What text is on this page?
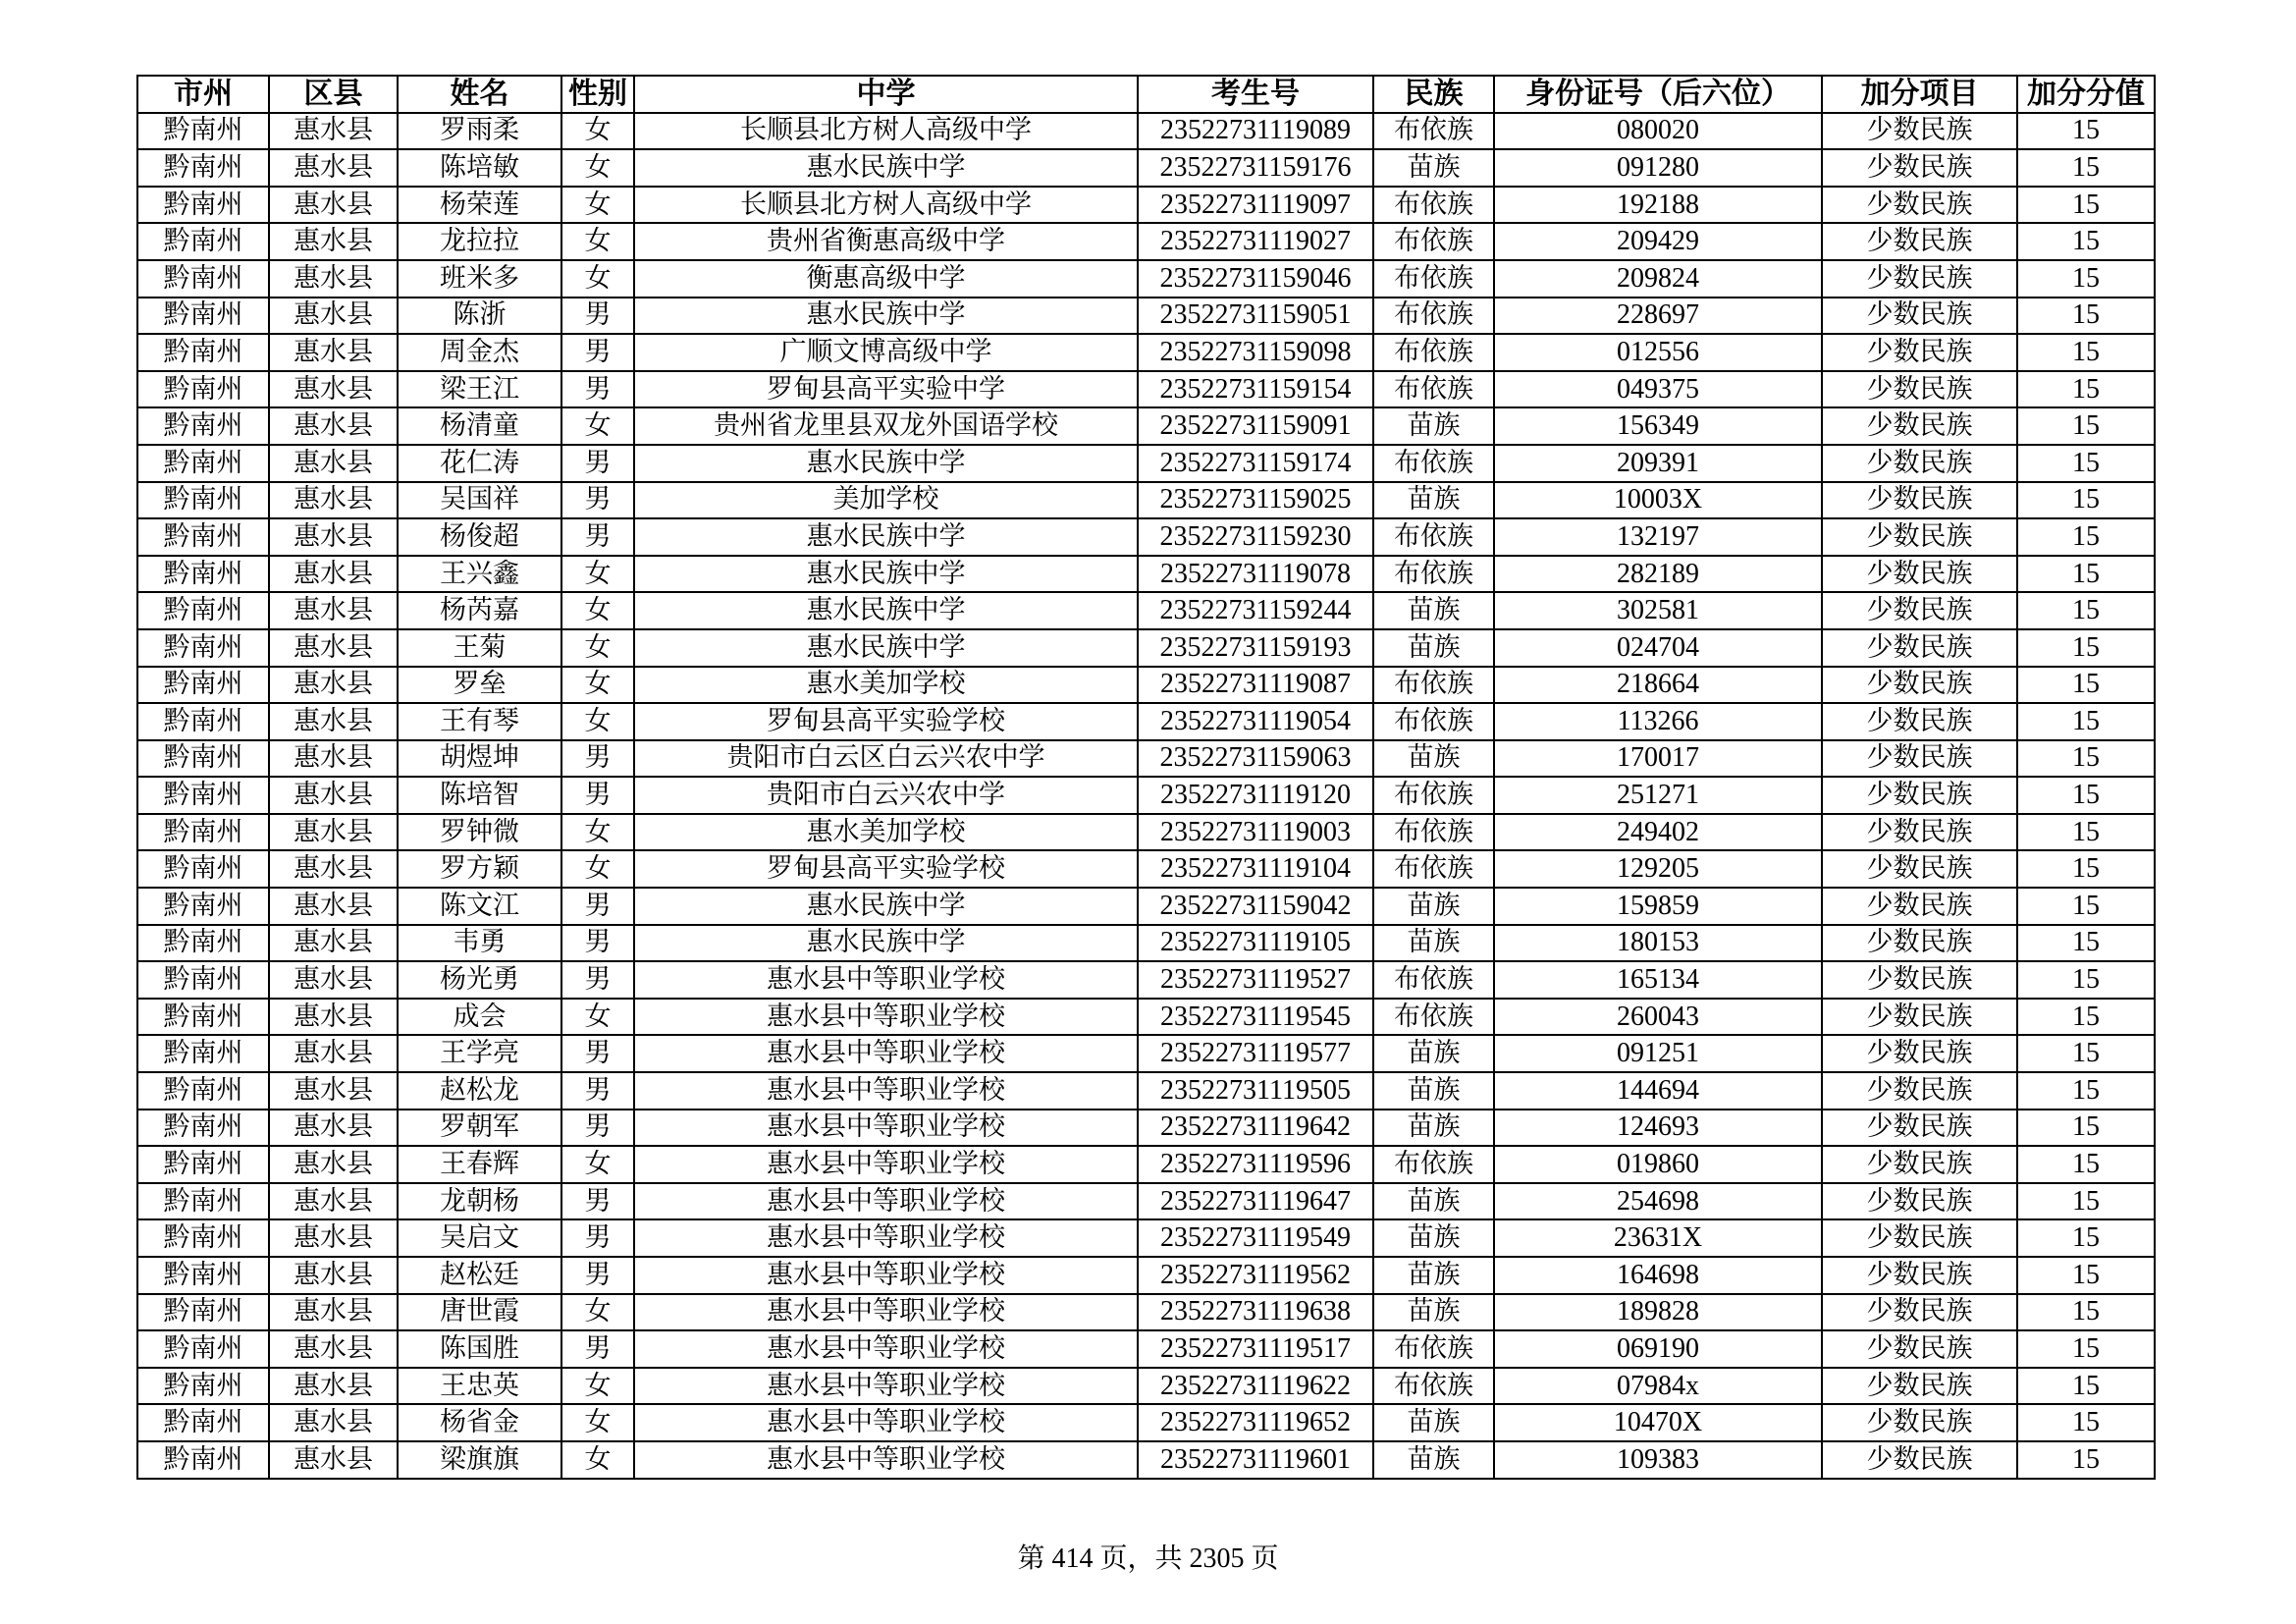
市州	区县	姓名	性别	中学	考生号	民族	身份证号（后六位）	加分项目	加分分值
黔南州	惠水县	罗雨柔	女	长顺县北方树人高级中学	23522731119089	布依族	080020	少数民族	15
黔南州	惠水县	陈培敏	女	惠水民族中学	23522731159176	苗族	091280	少数民族	15
黔南州	惠水县	杨荣莲	女	长顺县北方树人高级中学	23522731119097	布依族	192188	少数民族	15
黔南州	惠水县	龙拉拉	女	贵州省衡惠高级中学	23522731119027	布依族	209429	少数民族	15
黔南州	惠水县	班米多	女	衡惠高级中学	23522731159046	布依族	209824	少数民族	15
黔南州	惠水县	陈浙	男	惠水民族中学	23522731159051	布依族	228697	少数民族	15
黔南州	惠水县	周金杰	男	广顺文博高级中学	23522731159098	布依族	012556	少数民族	15
黔南州	惠水县	梁王江	男	罗甸县高平实验中学	23522731159154	布依族	049375	少数民族	15
黔南州	惠水县	杨清童	女	贵州省龙里县双龙外国语学校	23522731159091	苗族	156349	少数民族	15
黔南州	惠水县	花仁涛	男	惠水民族中学	23522731159174	布依族	209391	少数民族	15
黔南州	惠水县	吴国祥	男	美加学校	23522731159025	苗族	10003X	少数民族	15
黔南州	惠水县	杨俊超	男	惠水民族中学	23522731159230	布依族	132197	少数民族	15
黔南州	惠水县	王兴鑫	女	惠水民族中学	23522731119078	布依族	282189	少数民族	15
黔南州	惠水县	杨芮嘉	女	惠水民族中学	23522731159244	苗族	302581	少数民族	15
黔南州	惠水县	王菊	女	惠水民族中学	23522731159193	苗族	024704	少数民族	15
黔南州	惠水县	罗垒	女	惠水美加学校	23522731119087	布依族	218664	少数民族	15
黔南州	惠水县	王有琴	女	罗甸县高平实验学校	23522731119054	布依族	113266	少数民族	15
黔南州	惠水县	胡煜坤	男	贵阳市白云区白云兴农中学	23522731159063	苗族	170017	少数民族	15
黔南州	惠水县	陈培智	男	贵阳市白云兴农中学	23522731119120	布依族	251271	少数民族	15
黔南州	惠水县	罗钟微	女	惠水美加学校	23522731119003	布依族	249402	少数民族	15
黔南州	惠水县	罗方颖	女	罗甸县高平实验学校	23522731119104	布依族	129205	少数民族	15
黔南州	惠水县	陈文江	男	惠水民族中学	23522731159042	苗族	159859	少数民族	15
黔南州	惠水县	韦勇	男	惠水民族中学	23522731119105	苗族	180153	少数民族	15
黔南州	惠水县	杨光勇	男	惠水县中等职业学校	23522731119527	布依族	165134	少数民族	15
黔南州	惠水县	成会	女	惠水县中等职业学校	23522731119545	布依族	260043	少数民族	15
黔南州	惠水县	王学亮	男	惠水县中等职业学校	23522731119577	苗族	091251	少数民族	15
黔南州	惠水县	赵松龙	男	惠水县中等职业学校	23522731119505	苗族	144694	少数民族	15
黔南州	惠水县	罗朝军	男	惠水县中等职业学校	23522731119642	苗族	124693	少数民族	15
黔南州	惠水县	王春辉	女	惠水县中等职业学校	23522731119596	布依族	019860	少数民族	15
黔南州	惠水县	龙朝杨	男	惠水县中等职业学校	23522731119647	苗族	254698	少数民族	15
黔南州	惠水县	吴启文	男	惠水县中等职业学校	23522731119549	苗族	23631X	少数民族	15
黔南州	惠水县	赵松廷	男	惠水县中等职业学校	23522731119562	苗族	164698	少数民族	15
黔南州	惠水县	唐世霞	女	惠水县中等职业学校	23522731119638	苗族	189828	少数民族	15
黔南州	惠水县	陈国胜	男	惠水县中等职业学校	23522731119517	布依族	069190	少数民族	15
黔南州	惠水县	王忠英	女	惠水县中等职业学校	23522731119622	布依族	07984x	少数民族	15
黔南州	惠水县	杨省金	女	惠水县中等职业学校	23522731119652	苗族	10470X	少数民族	15
黔南州	惠水县	梁旗旗	女	惠水县中等职业学校	23522731119601	苗族	109383	少数民族	15
第 414 页，共 2305 页
